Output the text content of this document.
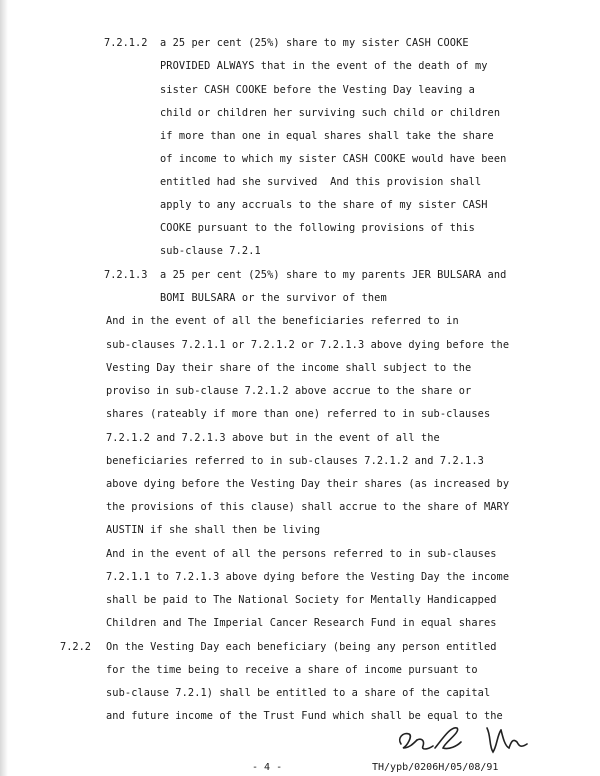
7.2.1.2 a 25 per cent (25%) share to my sister CASH COOKE
PROVIDED ALWAYS that in the event of the death of my
sister CASH COOKE before the Vesting Day leaving a
child or children her surviving such child or children
if more than one in equal shares shall take the share
of income to which my sister CASH COOKE would have been
entitled had she survived  And this provision shall
apply to any accruals to the share of my sister CASH
COOKE pursuant to the following provisions of this
sub-clause 7.2.1
7.2.1.3 a 25 per cent (25%) share to my parents JER BULSARA and
BOMI BULSARA or the survivor of them
And in the event of all the beneficiaries referred to in
sub-clauses 7.2.1.1 or 7.2.1.2 or 7.2.1.3 above dying before the
Vesting Day their share of the income shall subject to the
proviso in sub-clause 7.2.1.2 above accrue to the share or
shares (rateably if more than one) referred to in sub-clauses
7.2.1.2 and 7.2.1.3 above but in the event of all the
beneficiaries referred to in sub-clauses 7.2.1.2 and 7.2.1.3
above dying before the Vesting Day their shares (as increased by
the provisions of this clause) shall accrue to the share of MARY
AUSTIN if she shall then be living
And in the event of all the persons referred to in sub-clauses
7.2.1.1 to 7.2.1.3 above dying before the Vesting Day the income
shall be paid to The National Society for Mentally Handicapped
Children and The Imperial Cancer Research Fund in equal shares
7.2.2 On the Vesting Day each beneficiary (being any person entitled
for the time being to receive a share of income pursuant to
sub-clause 7.2.1) shall be entitled to a share of the capital
and future income of the Trust Fund which shall be equal to the
- 4 -	TH/ypb/0206H/05/08/91
